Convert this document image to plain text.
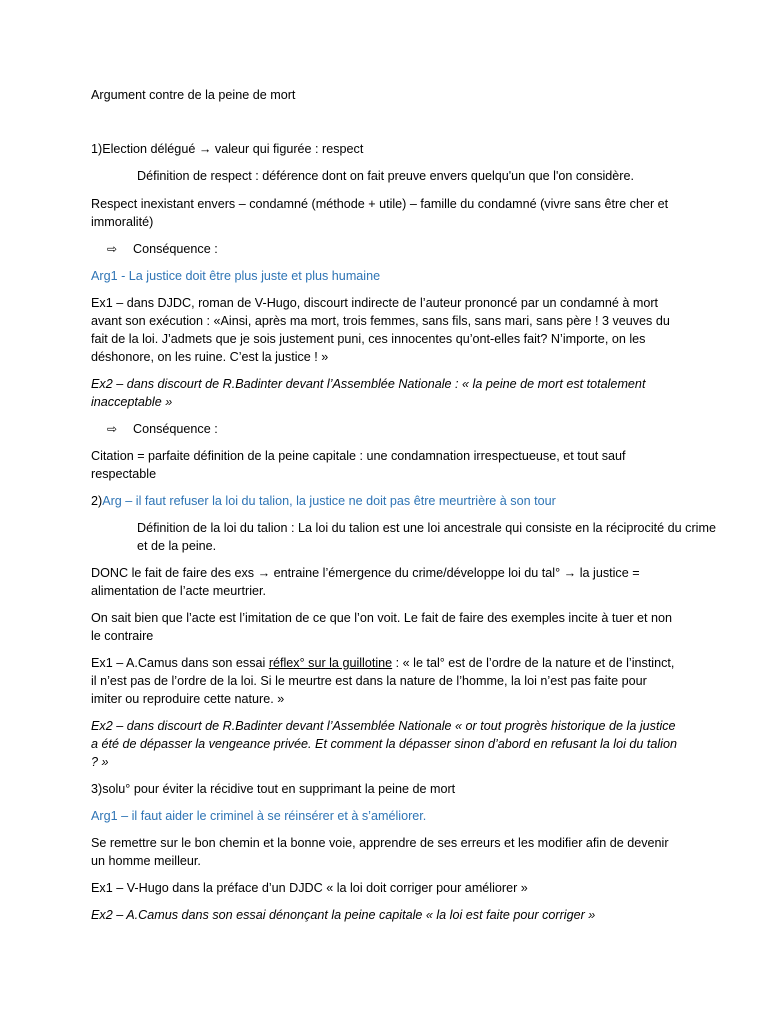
Argument contre de la peine de mort

1)Electi⁠on délégué → valeur qui figurée : respect

Définition de respect : déférence dont on fait preuve envers quelqu'un que l'on considère.

Respect inexistant envers – condamné (méthode + utile) – famille du condamné (vivre sans être cher et immoralité)

⇨ Conséquence :

Arg1 - La justice doit être plus juste et plus humaine

Ex1 – dans DJDC, roman de V-Hugo, discourt indirecte de l’auteur prononcé par un condamné à mort avant son exécution : «Ainsi, après ma mort, trois femmes, sans fils, sans mari, sans père ! 3 veuves du fait de la loi. J’admets que je sois justement puni, ces innocentes qu’ont-elles fait? N’importe, on les déshonore, on les ruine. C’est la justice ! »

Ex2 – dans discourt de R.Badinter devant l’Assemblée Nationale : « la peine de mort est totalement inacceptable »

⇨ Conséquence :

Citation = parfaite définition de la peine capitale : une condamnation irrespectueuse, et tout sauf respectable

2)Arg – il faut refuser la loi du talion, la justice ne doit pas être meurtrière à son tour

Définition de la loi du talion : La loi du talion est une loi ancestrale qui consiste en la réciprocité du crime et de la peine.

DONC le fait de faire des exs → entraine l’émergence du crime/développe loi du tal° → la justice = alimentation de l’acte meurtrier.

On sait bien que l’acte est l’imitation de ce que l’on voit. Le fait de faire des exemples incite à tuer et non le contraire

Ex1 – A.Camus dans son essai réflex° sur la guillotine : « le tal° est de l’ordre de la nature et de l’instinct, il n’est pas de l’ordre de la loi. Si le meurtre est dans la nature de l’homme, la loi n’est pas faite pour imiter ou reproduire cette nature. »

Ex2 – dans discourt de R.Badinter devant l’Assemblée Nationale « or tout progrès historique de la justice a été de dépasser la vengeance privée. Et comment la dépasser sinon d’abord en refusant la loi du talion ? »

3)solu° pour éviter la récidive tout en supprimant la peine de mort

Arg1 – il faut aider le criminel à se réinsérer et à s’améliorer.

Se remettre sur le bon chemin et la bonne voie, apprendre de ses erreurs et les modifier afin de devenir un homme meilleur.

Ex1 – V-Hugo dans la préface d’un DJDC « la loi doit corriger pour améliorer »

Ex2 – A.Camus dans son essai dénonçant la peine capitale « la loi est faite pour corriger »
